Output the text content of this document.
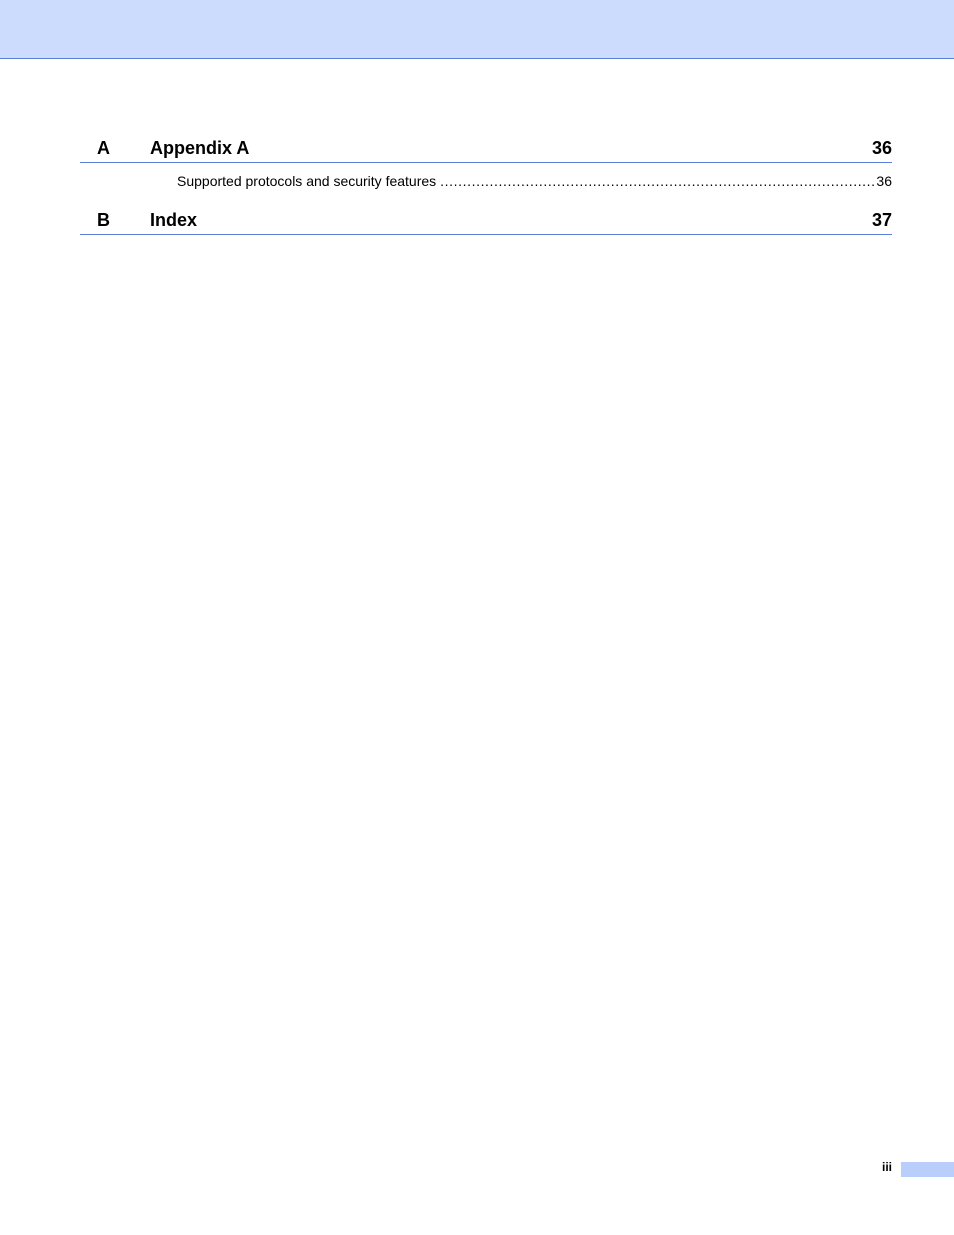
A Appendix A	36
Supported protocols and security features .....	36
B Index	37
iii
